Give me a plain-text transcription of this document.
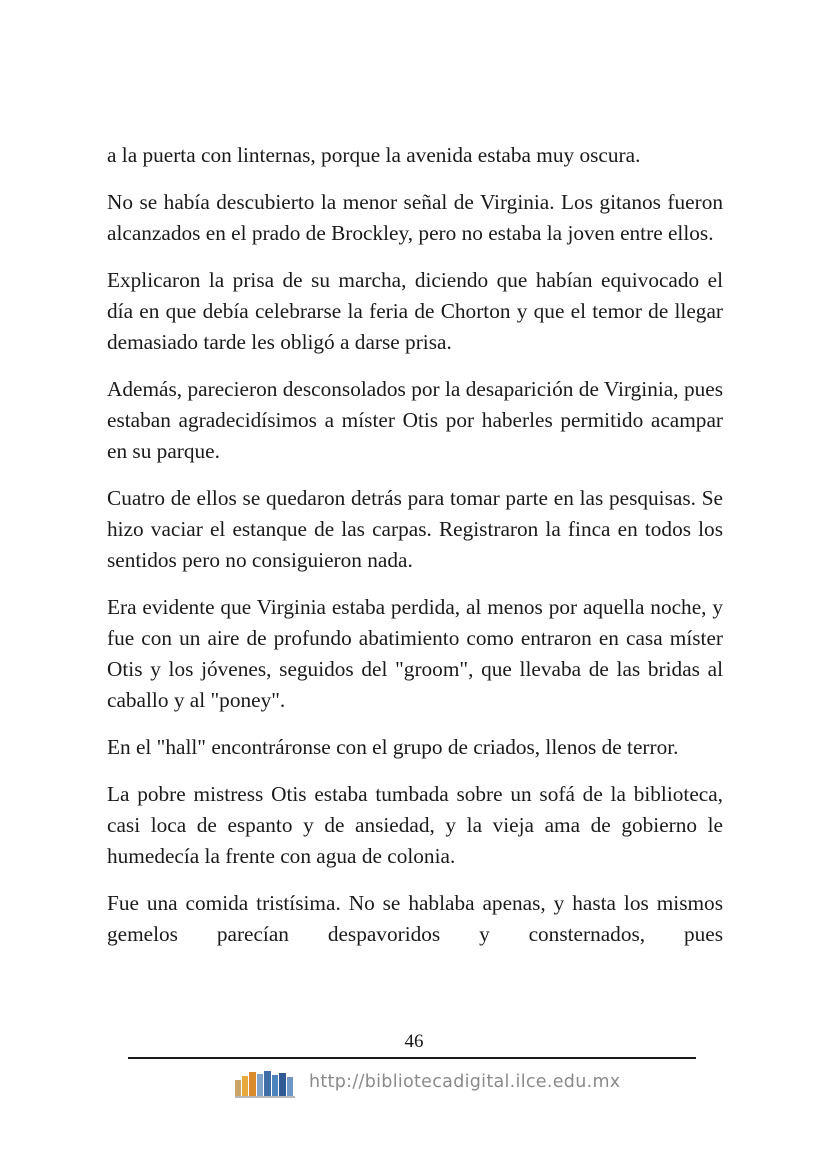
a la puerta con linternas, porque la avenida estaba muy oscura.

No se había descubierto la menor señal de Virginia. Los gitanos fueron alcanzados en el prado de Brockley, pero no estaba la joven entre ellos.

Explicaron la prisa de su marcha, diciendo que habían equivocado el día en que debía celebrarse la feria de Chorton y que el temor de llegar demasiado tarde les obligó a darse prisa.

Además, parecieron desconsolados por la desaparición de Virginia, pues estaban agradecidísimos a míster Otis por haberles permitido acampar en su parque.

Cuatro de ellos se quedaron detrás para tomar parte en las pesquisas. Se hizo vaciar el estanque de las carpas. Registraron la finca en todos los sentidos pero no consiguieron nada.

Era evidente que Virginia estaba perdida, al menos por aquella noche, y fue con un aire de profundo abatimiento como entraron en casa míster Otis y los jóvenes, seguidos del "groom", que llevaba de las bridas al caballo y al "poney".

En el "hall" encontráronse con el grupo de criados, llenos de terror.

La pobre mistress Otis estaba tumbada sobre un sofá de la biblioteca, casi loca de espanto y de ansiedad, y la vieja ama de gobierno le humedecía la frente con agua de colonia.

Fue una comida tristísima. No se hablaba apenas, y hasta los mismos gemelos parecían despavoridos y consternados, pues

46
http://bibliotecadigital.ilce.edu.mx
